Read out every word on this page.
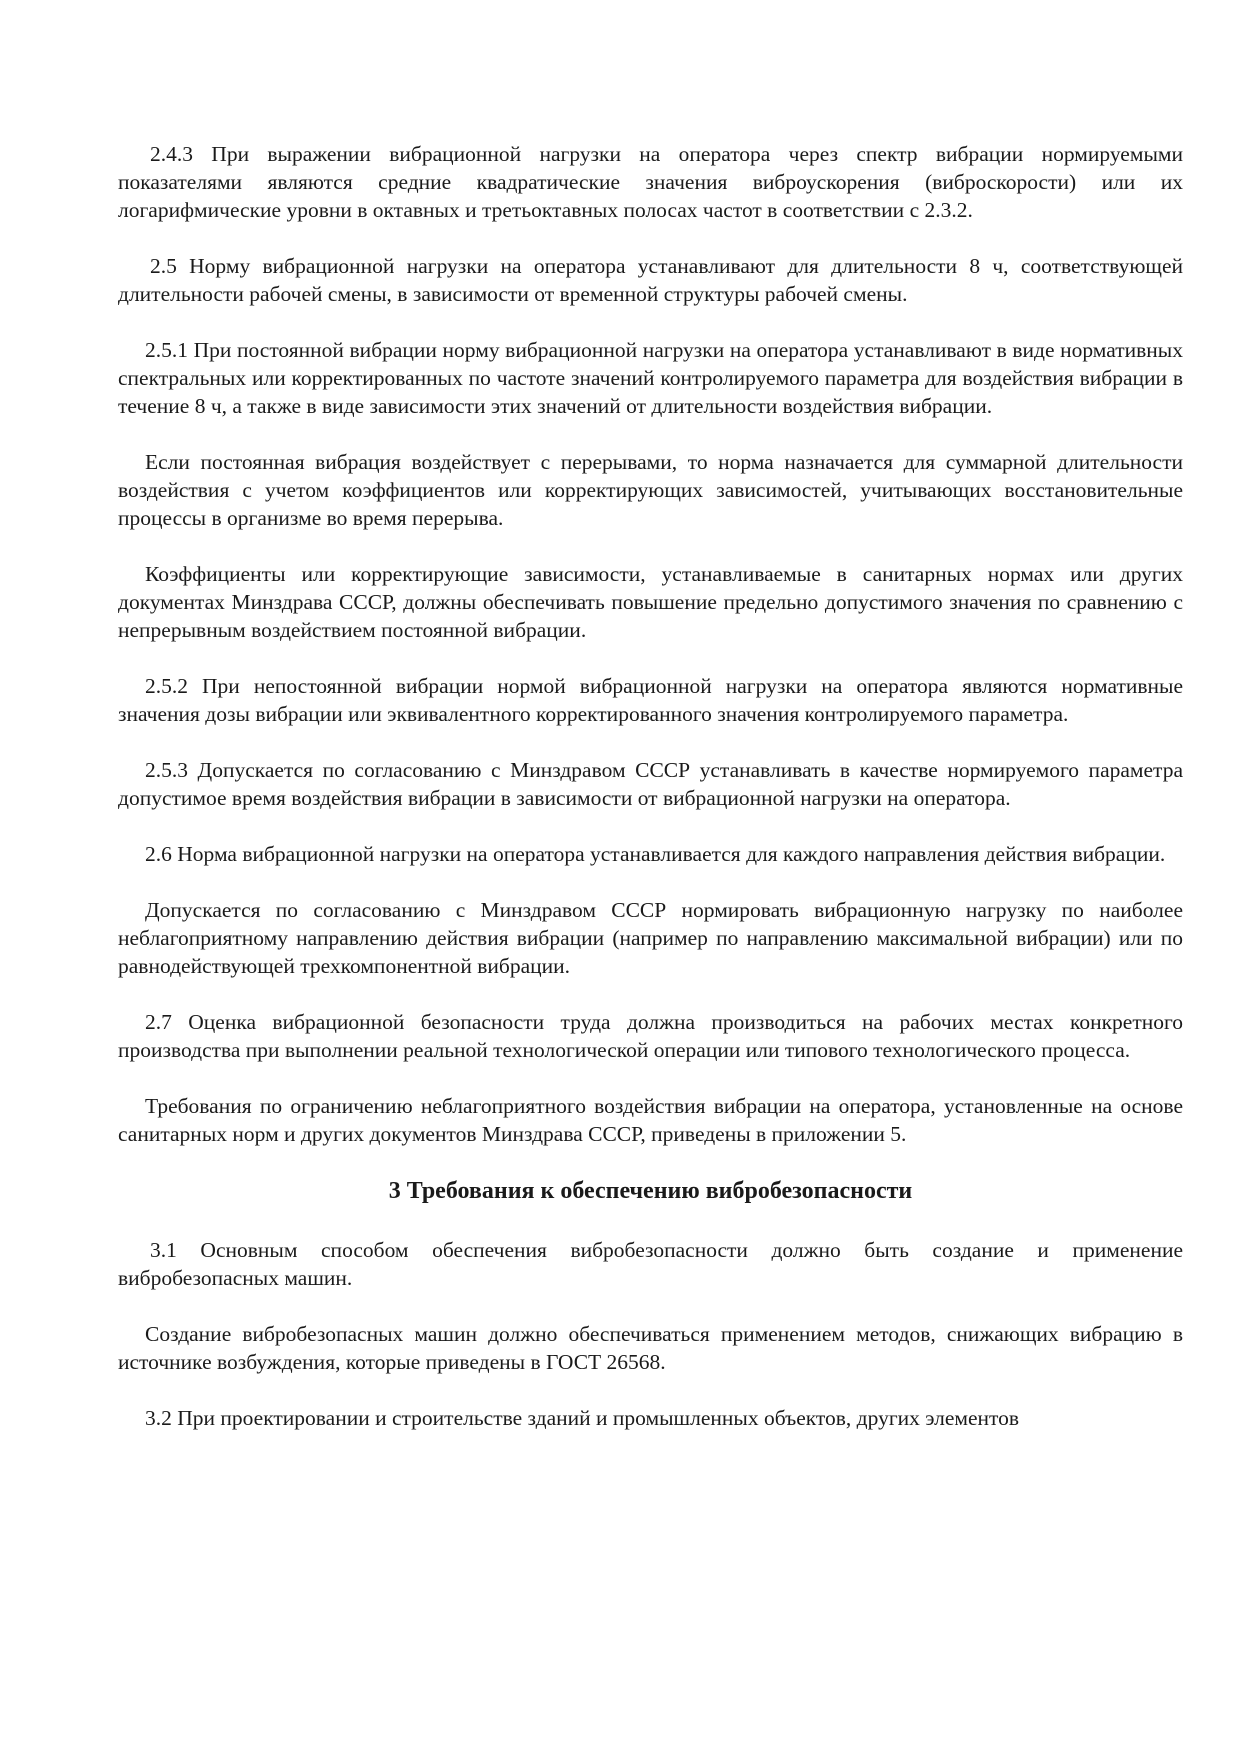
2.4.3 При выражении вибрационной нагрузки на оператора через спектр вибрации нормируемыми показателями являются средние квадратические значения виброускорения (виброскорости) или их логарифмические уровни в октавных и третьоктавных полосах частот в соответствии с 2.3.2.

2.5 Норму вибрационной нагрузки на оператора устанавливают для длительности 8 ч, соответствующей длительности рабочей смены, в зависимости от временной структуры рабочей смены.

2.5.1 При постоянной вибрации норму вибрационной нагрузки на оператора устанавливают в виде нормативных спектральных или корректированных по частоте значений контролируемого параметра для воздействия вибрации в течение 8 ч, а также в виде зависимости этих значений от длительности воздействия вибрации.

Если постоянная вибрация воздействует с перерывами, то норма назначается для суммарной длительности воздействия с учетом коэффициентов или корректирующих зависимостей, учитывающих восстановительные процессы в организме во время перерыва.

Коэффициенты или корректирующие зависимости, устанавливаемые в санитарных нормах или других документах Минздрава СССР, должны обеспечивать повышение предельно допустимого значения по сравнению с непрерывным воздействием постоянной вибрации.

2.5.2 При непостоянной вибрации нормой вибрационной нагрузки на оператора являются нормативные значения дозы вибрации или эквивалентного корректированного значения контролируемого параметра.

2.5.3 Допускается по согласованию с Минздравом СССР устанавливать в качестве нормируемого параметра допустимое время воздействия вибрации в зависимости от вибрационной нагрузки на оператора.

2.6 Норма вибрационной нагрузки на оператора устанавливается для каждого направления действия вибрации.

Допускается по согласованию с Минздравом СССР нормировать вибрационную нагрузку по наиболее неблагоприятному направлению действия вибрации (например по направлению максимальной вибрации) или по равнодействующей трехкомпонентной вибрации.

2.7 Оценка вибрационной безопасности труда должна производиться на рабочих местах конкретного производства при выполнении реальной технологической операции или типового технологического процесса.

Требования по ограничению неблагоприятного воздействия вибрации на оператора, установленные на основе санитарных норм и других документов Минздрава СССР, приведены в приложении 5.

3 Требования к обеспечению вибробезопасности

3.1 Основным способом обеспечения вибробезопасности должно быть создание и применение вибробезопасных машин.

Создание вибробезопасных машин должно обеспечиваться применением методов, снижающих вибрацию в источнике возбуждения, которые приведены в ГОСТ 26568.

3.2 При проектировании и строительстве зданий и промышленных объектов, других элементов
